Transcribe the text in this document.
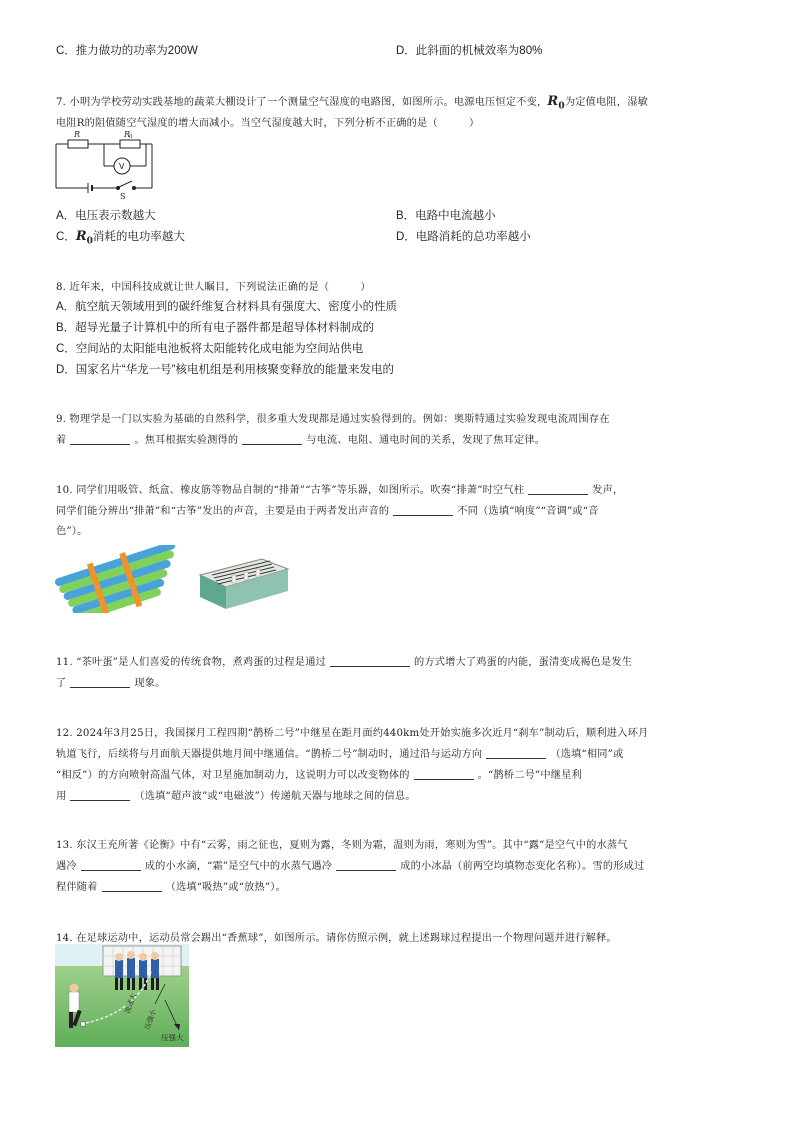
C．推力做功的功率为200W	D．此斜面的机械效率为80%
7. 小明为学校劳动实践基地的蔬菜大棚设计了一个测量空气湿度的电路图，如图所示。电源电压恒定不变，$R_0$为定值电阻，湿敏
电阻R的阻值随空气湿度的增大而减小。当空气湿度越大时，下列分析不正确的是（　　　）
R	R
0
V
S
A．电压表示数越大	B．电路中电流越小
C．$R_0$消耗的电功率越大	D．电路消耗的总功率越小
8. 近年来，中国科技成就让世人瞩目，下列说法正确的是（　　　）
A．航空航天领域用到的碳纤维复合材料具有强度大、密度小的性质
B．超导光量子计算机中的所有电子器件都是超导体材料制成的
C．空间站的太阳能电池板将太阳能转化成电能为空间站供电
D．国家名片“华龙一号”核电机组是利用核聚变释放的能量来发电的
9. 物理学是一门以实验为基础的自然科学，很多重大发现都是通过实验得到的。例如：奥斯特通过实验发现电流周围存在
着	。焦耳根据实验测得的	与电流、电阻、通电时间的关系，发现了焦耳定律。
10. 同学们用吸管、纸盒、橡皮筋等物品自制的“排萧”“古筝”等乐器，如图所示。吹奏“排萧”时空气柱	发声，
同学们能分辨出“排萧”和“古筝”发出的声音，主要是由于两者发出声音的	不同（选填“响度”“音调”或“音
色”）。
11. “茶叶蛋”是人们喜爱的传统食物，煮鸡蛋的过程是通过	的方式增大了鸡蛋的内能，蛋清变成褐色是发生
了	现象。
12. 2024年3月25日，我国探月工程四期“鹊桥二号”中继星在距月面约440km处开始实施多次近月“刹车”制动后，顺利进入环月
轨道飞行，后续将与月面航天器提供地月间中继通信。“鹊桥二号”制动时，通过沿与运动方向	（选填“相同”或
“相反”）的方向喷射高温气体，对卫星施加制动力，这说明力可以改变物体的	。“鹊桥二号”中继星利
用	（选填“超声波”或“电磁波”）传递航天器与地球之间的信息。
13. 东汉王充所著《论衡》中有“云雾，雨之征也，夏则为露，冬则为霜，温则为雨，寒则为雪”。其中“露”是空气中的水蒸气
遇冷	成的小水滴，“霜”是空气中的水蒸气遇冷	成的小冰晶（前两空均填物态变化名称）。雪的形成过
程伴随着	（选填“吸热”或“放热”）。
14. 在足球运动中，运动员常会踢出“香蕉球”，如图所示。请你仿照示例，就上述踢球过程提出一个物理问题并进行解释。
流速大
压强小
压强大
